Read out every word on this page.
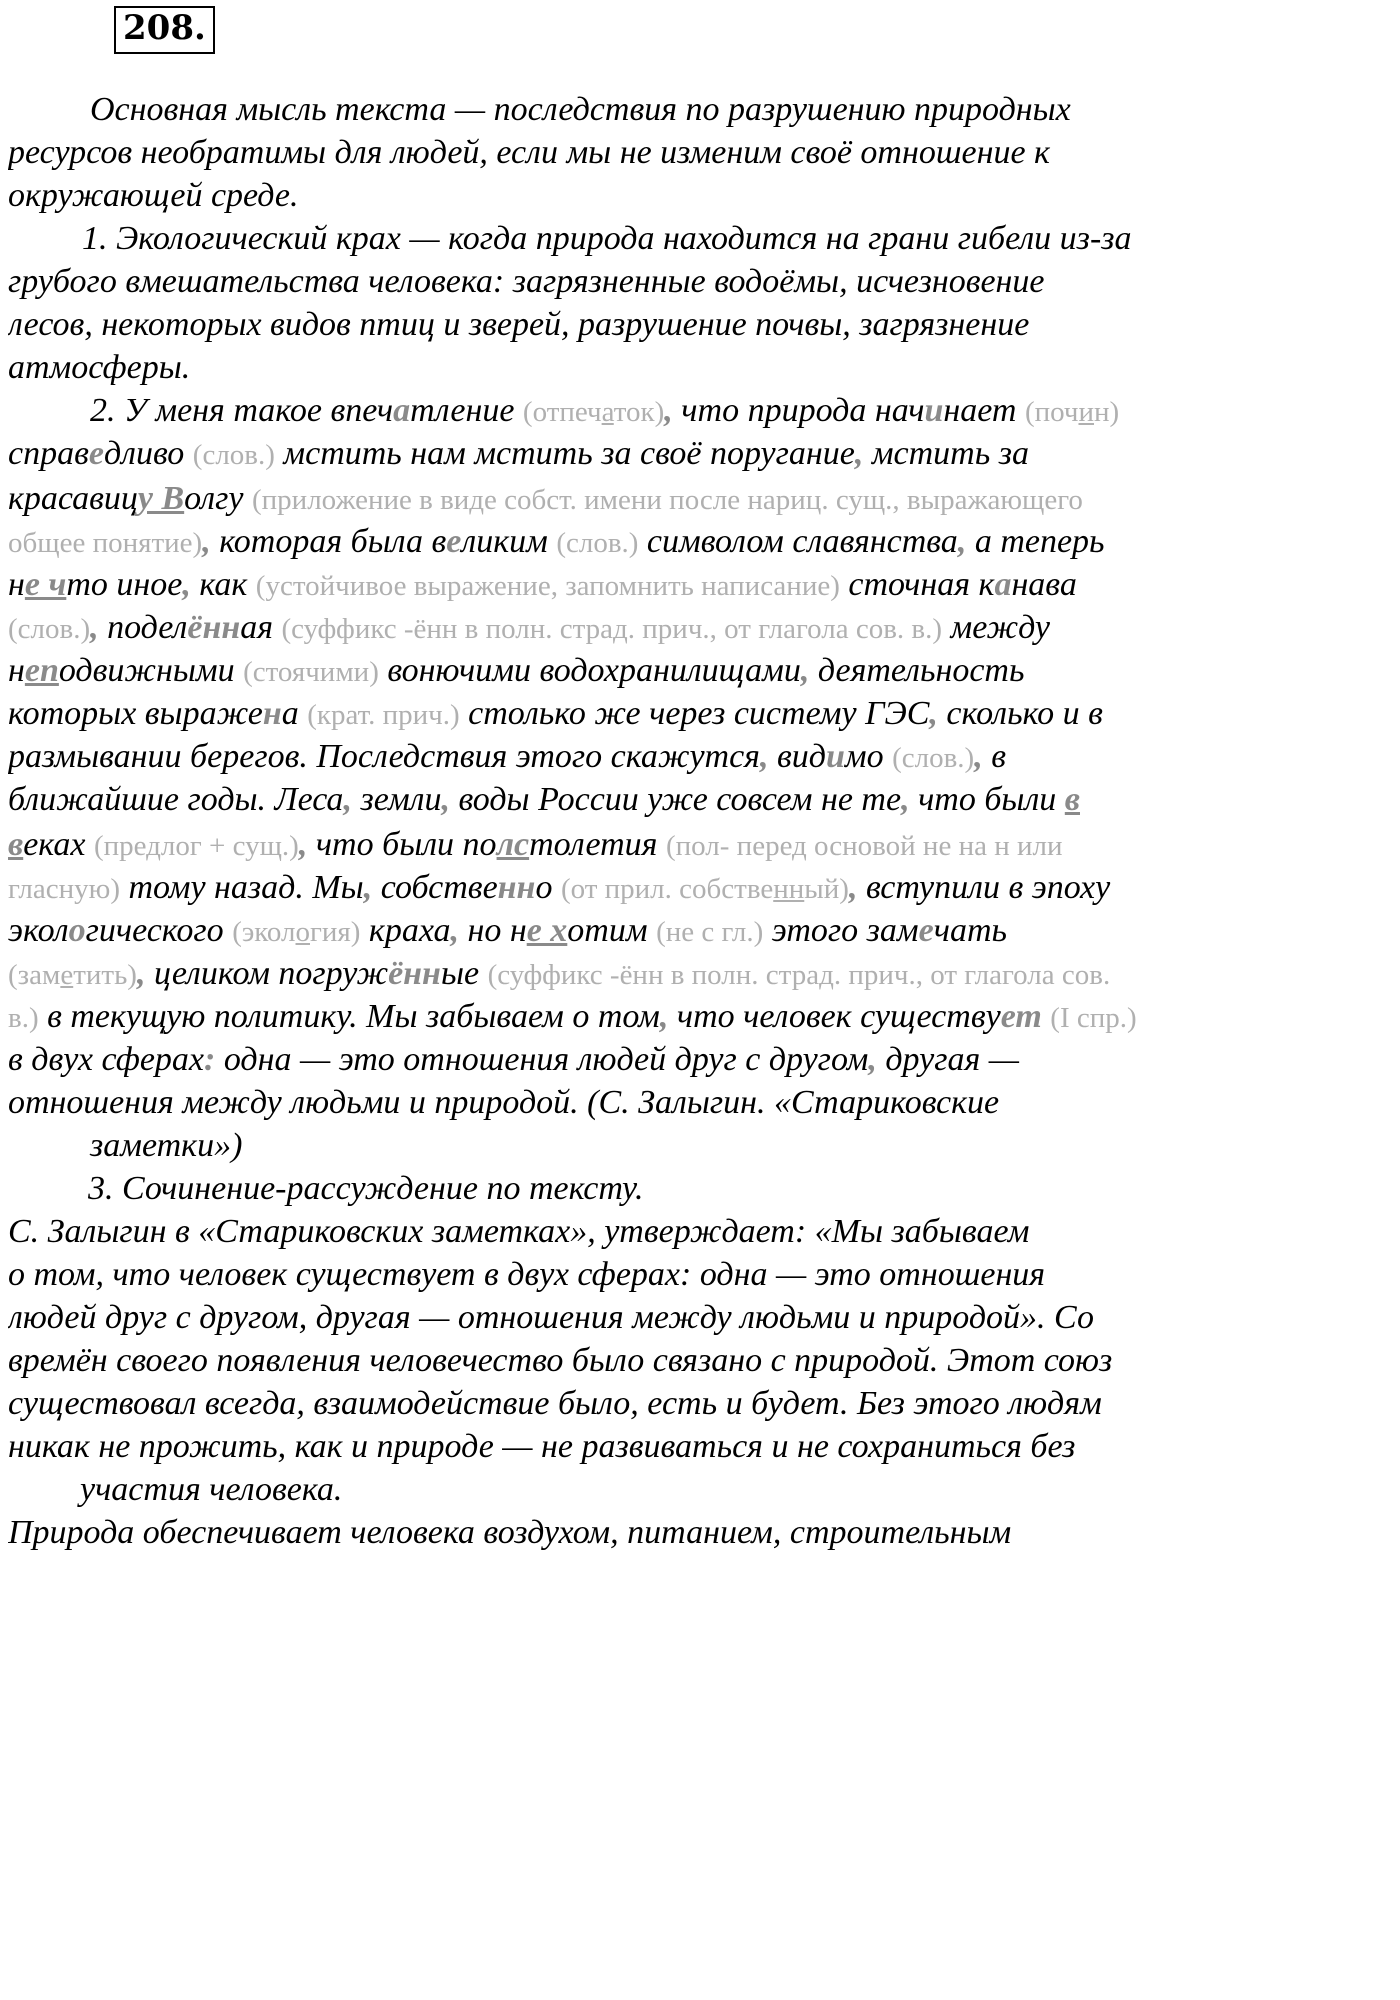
208.

Основная мысль текста — последствия по разрушению природных

ресурсов необратимы для людей, если мы не изменим своё отношение к

окружающей среде.

1. Экологический крах — когда природа находится на грани гибели из-за

грубого вмешательства человека: загрязненные водоёмы, исчезновение

лесов, некоторых видов птиц и зверей, разрушение почвы, загрязнение

атмосферы.

2. У меня такое впечатление (отпечаток), что природа начинает (почин)

справедливо (слов.) мстить нам мстить за своё поругание, мстить за

красавицу Волгу (приложение в виде собст. имени после нариц. сущ., выражающего

общее понятие), которая была великим (слов.) символом славянства, а теперь

не что иное, как (устойчивое выражение, запомнить написание) сточная канава

(слов.), поделённая (суффикс -ённ в полн. страд. прич., от глагола сов. в.) между

неподвижными (стоячими) вонючими водохранилищами, деятельность

которых выражена (крат. прич.) столько же через систему ГЭС, сколько и в

размывании берегов. Последствия этого скажутся, видимо (слов.), в

ближайшие годы. Леса, земли, воды России уже совсем не те, что были в

веках (предлог + сущ.), что были полстолетия (пол- перед основой не на н или

гласную) тому назад. Мы, собственно (от прил. собственный), вступили в эпоху

экологического (экология) краха, но не хотим (не с гл.) этого замечать

(заметить), целиком погружённые (суффикс -ённ в полн. страд. прич., от глагола сов.

в.) в текущую политику. Мы забываем о том, что человек существует (I спр.)

в двух сферах: одна — это отношения людей друг с другом, другая —

отношения между людьми и природой. (С. Залыгин. «Стариковские

заметки»)

3. Сочинение-рассуждение по тексту.

С. Залыгин в «Стариковских заметках», утверждает: «Мы забываем

о том, что человек существует в двух сферах: одна — это отношения

людей друг с другом, другая — отношения между людьми и природой». Со

времён своего появления человечество было связано с природой. Этот союз

существовал всегда, взаимодействие было, есть и будет. Без этого людям

никак не прожить, как и природе — не развиваться и не сохраниться без

участия человека.

Природа обеспечивает человека воздухом, питанием, строительным
